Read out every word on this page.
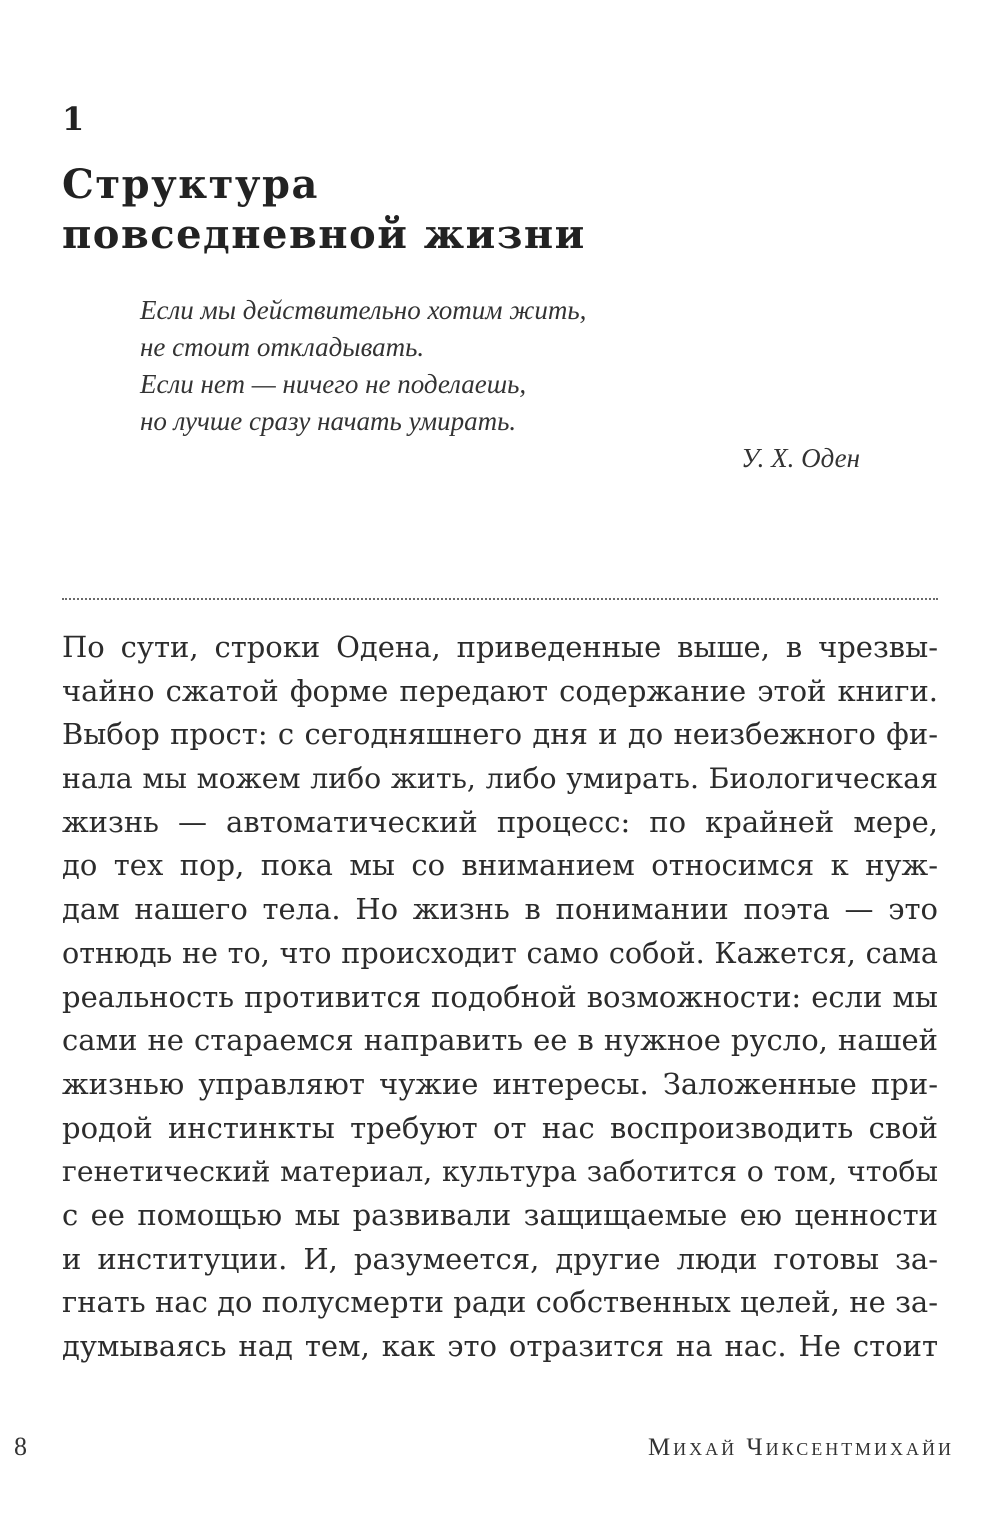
1
Структура
повседневной жизни
Если мы действительно хотим жить,
не стоит откладывать.
Если нет — ничего не поделаешь,
но лучше сразу начать умирать.
У. Х. Оден
По сути, строки Одена, приведенные выше, в чрезвы-
чайно сжатой форме передают содержание этой книги.
Выбор прост: с сегодняшнего дня и до неизбежного фи-
нала мы можем либо жить, либо умирать. Биологическая
жизнь — автоматический процесс: по крайней мере,
до тех пор, пока мы со вниманием относимся к нуж-
дам нашего тела. Но жизнь в понимании поэта — это
отнюдь не то, что происходит само собой. Кажется, сама
реальность противится подобной возможности: если мы
сами не стараемся направить ее в нужное русло, нашей
жизнью управляют чужие интересы. Заложенные при-
родой инстинкты требуют от нас воспроизводить свой
генетический материал, культура заботится о том, чтобы
с ее помощью мы развивали защищаемые ею ценности
и институции. И, разумеется, другие люди готовы за-
гнать нас до полусмерти ради собственных целей, не за-
думываясь над тем, как это отразится на нас. Не стоит
8	Михай Чиксентмихайи
